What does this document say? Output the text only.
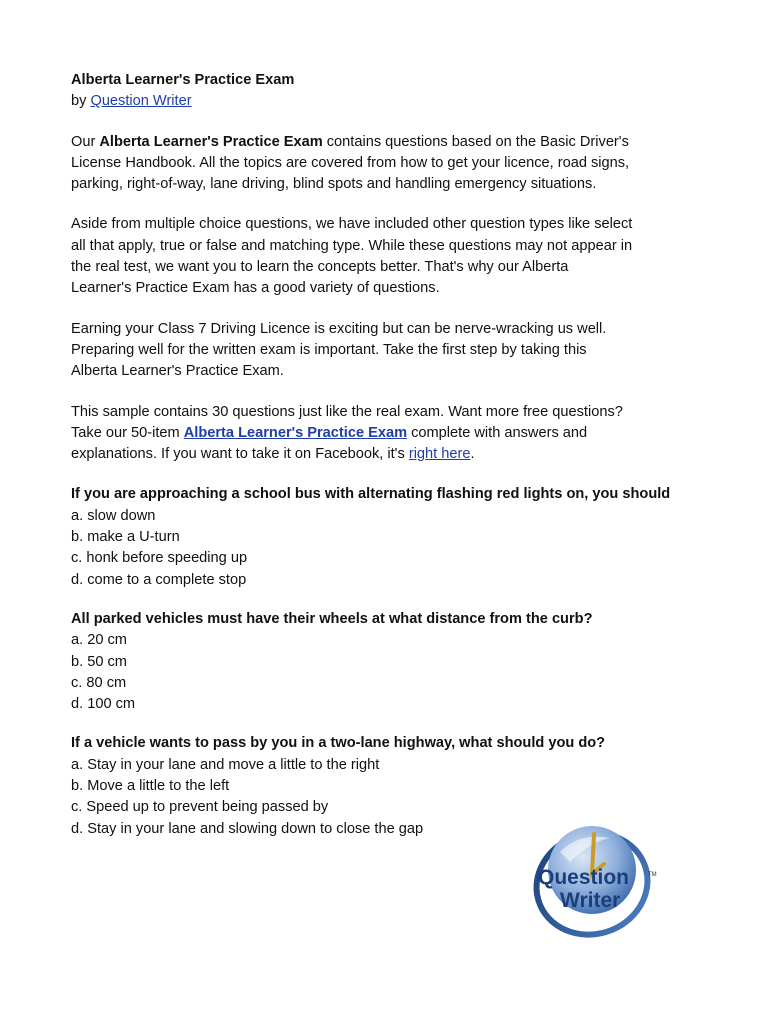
Alberta Learner's Practice Exam
by Question Writer
Our Alberta Learner's Practice Exam contains questions based on the Basic Driver's
License Handbook. All the topics are covered from how to get your licence, road signs,
parking, right-of-way, lane driving, blind spots and handling emergency situations.
Aside from multiple choice questions, we have included other question types like select
all that apply, true or false and matching type. While these questions may not appear in
the real test, we want you to learn the concepts better. That's why our Alberta
Learner's Practice Exam has a good variety of questions.
Earning your Class 7 Driving Licence is exciting but can be nerve-wracking us well.
Preparing well for the written exam is important. Take the first step by taking this
Alberta Learner's Practice Exam.
This sample contains 30 questions just like the real exam. Want more free questions?
Take our 50-item Alberta Learner's Practice Exam complete with answers and
explanations. If you want to take it on Facebook, it's right here.
If you are approaching a school bus with alternating flashing red lights on, you should
a. slow down
b. make a U-turn
c. honk before speeding up
d. come to a complete stop
All parked vehicles must have their wheels at what distance from the curb?
a. 20 cm
b. 50 cm
c. 80 cm
d. 100 cm
If a vehicle wants to pass by you in a two-lane highway, what should you do?
a. Stay in your lane and move a little to the right
b. Move a little to the left
c. Speed up to prevent being passed by
d. Stay in your lane and slowing down to close the gap
Question
Writer
TM
